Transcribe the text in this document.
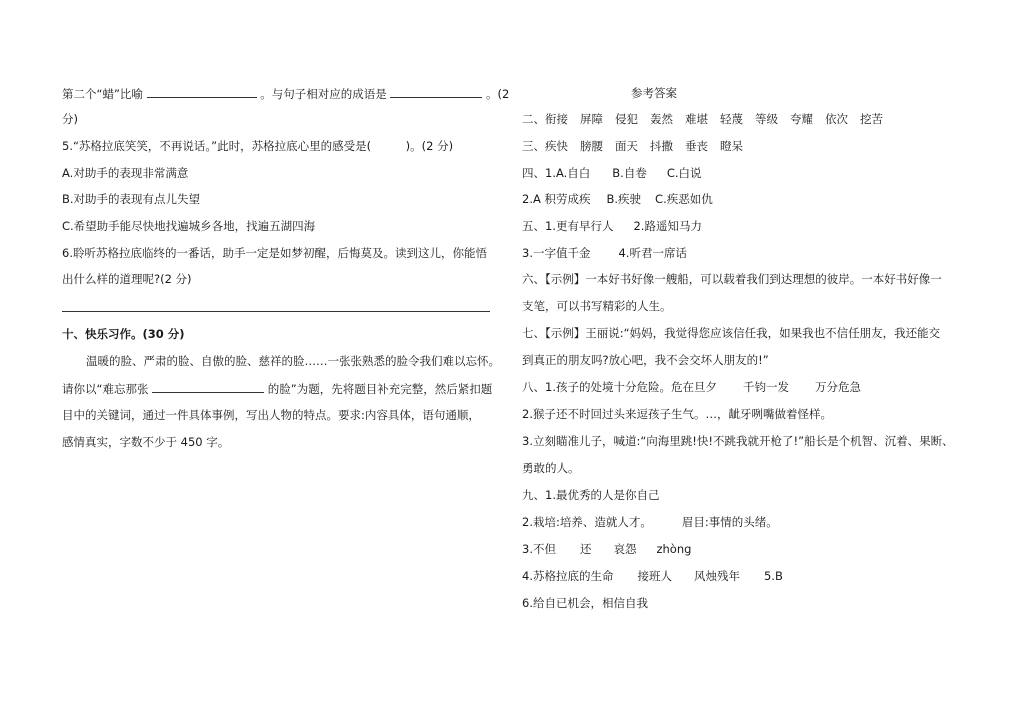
第二个“蜡”比喻	。与句子相对应的成语是	。(2
分)
5.“苏格拉底笑笑，不再说话。”此时，苏格拉底心里的感受是(　　　)。(2 分)
A.对助手的表现非常满意
B.对助手的表现有点儿失望
C.希望助手能尽快地找遍城乡各地，找遍五湖四海
6.聆听苏格拉底临终的一番话，助手一定是如梦初醒，后悔莫及。读到这儿，你能悟
出什么样的道理呢?(2 分)
十、快乐习作。(30 分)
温暖的脸、严肃的脸、自傲的脸、慈祥的脸……一张张熟悉的脸令我们难以忘怀。
请你以“难忘那张	的脸”为题，先将题目补充完整，然后紧扣题
目中的关键词，通过一件具体事例，写出人物的特点。要求:内容具体，语句通顺，
感情真实，字数不少于 450 字。
参考答案
二、衔接 屏障 侵犯 轰然 难堪 轻蔑 等级 夸耀 依次 挖苦
三、疾快 膀腰 面天 抖撒 垂丧 瞪呆
四、1.A.自白 B.自卷 C.白说
2.A 积劳成疾 B.疾驶 C.疾恶如仇
五、1.更有早行人 2.路遥知马力
3.一字值千金 4.听君一席话
六、【示例】一本好书好像一艘船，可以载着我们到达理想的彼岸。一本好书好像一
支笔，可以书写精彩的人生。
七、【示例】王丽说:“妈妈，我觉得您应该信任我，如果我也不信任朋友，我还能交
到真正的朋友吗?放心吧，我不会交坏人朋友的!”
八、1.孩子的处境十分危险。危在旦夕 千钧一发 万分危急
2.猴子还不时回过头来逗孩子生气。…，龇牙咧嘴做着怪样。
3.立刻瞄准儿子，喊道:“向海里跳!快!不跳我就开枪了!”船长是个机智、沉着、果断、
勇敢的人。
九、1.最优秀的人是你自己
2.栽培:培养、造就人才。	眉目:事情的头绪。
3.不但 还 哀怨 zhòng
4.苏格拉底的生命 接班人 风烛残年 5.B
6.给自已机会，相信自我
